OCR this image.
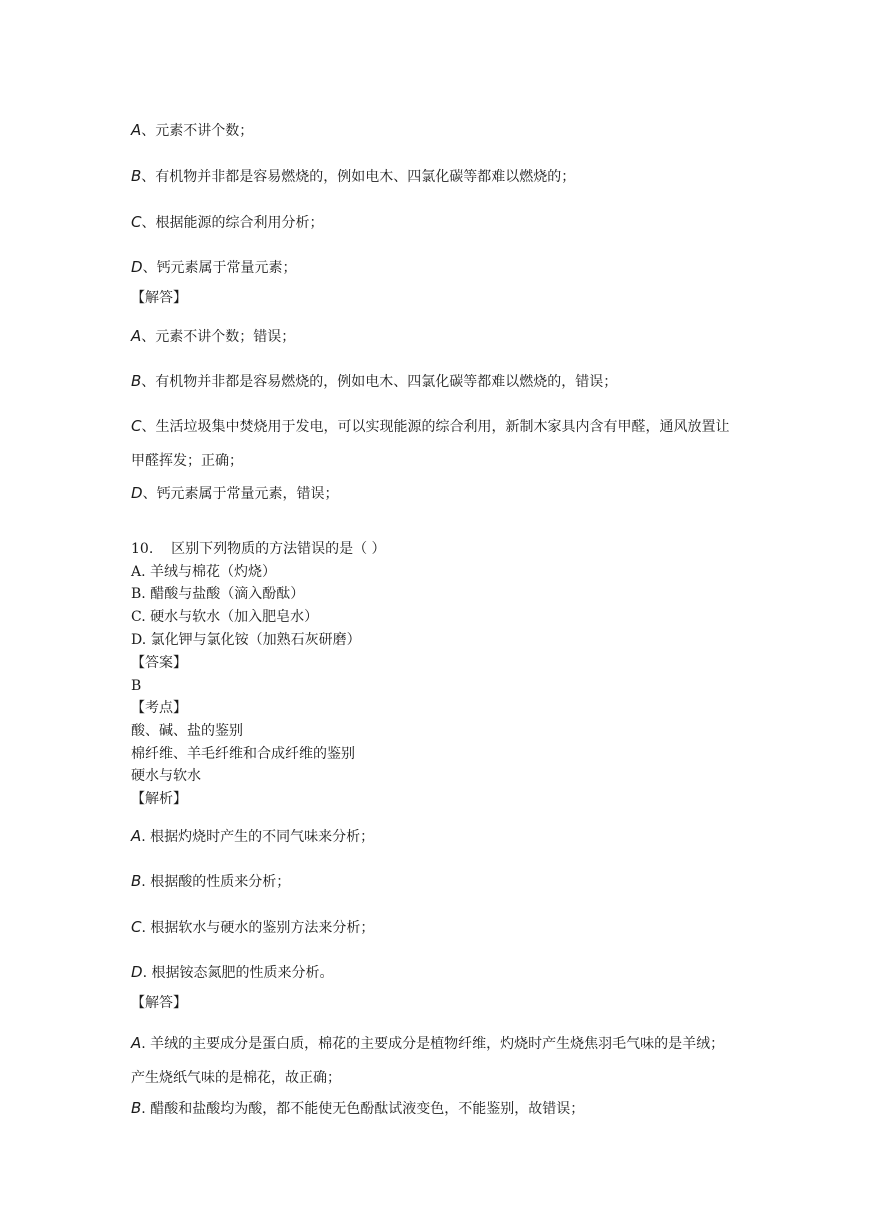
A、元素不讲个数；
B、有机物并非都是容易燃烧的，例如电木、四氯化碳等都难以燃烧的；
C、根据能源的综合利用分析；
D、钙元素属于常量元素；
【解答】
A、元素不讲个数；错误；
B、有机物并非都是容易燃烧的，例如电木、四氯化碳等都难以燃烧的，错误；
C、生活垃圾集中焚烧用于发电，可以实现能源的综合利用，新制木家具内含有甲醛，通风放置让甲醛挥发；正确；
D、钙元素属于常量元素，错误；
10.    区别下列物质的方法错误的是（ ）
A. 羊绒与棉花（灼烧）
B. 醋酸与盐酸（滴入酚酞）
C. 硬水与软水（加入肥皂水）
D. 氯化钾与氯化铵（加熟石灰研磨）
【答案】
B
【考点】
酸、碱、盐的鉴别
棉纤维、羊毛纤维和合成纤维的鉴别
硬水与软水
【解析】
A. 根据灼烧时产生的不同气味来分析；
B. 根据酸的性质来分析；
C. 根据软水与硬水的鉴别方法来分析；
D. 根据铵态氮肥的性质来分析。
【解答】
A. 羊绒的主要成分是蛋白质，棉花的主要成分是植物纤维，灼烧时产生烧焦羽毛气味的是羊绒；产生烧纸气味的是棉花，故正确；
B. 醋酸和盐酸均为酸，都不能使无色酚酞试液变色，不能鉴别，故错误；
